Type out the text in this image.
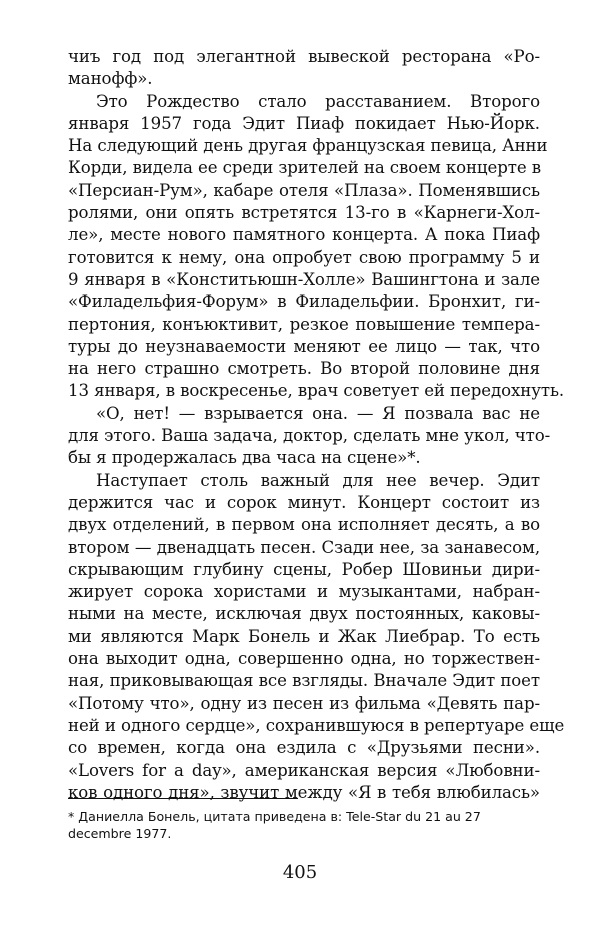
чиъ год под элегантной вывеской ресторана «Ро-
манофф».
Это Рождество стало расставанием. Второго
января 1957 года Эдит Пиаф покидает Нью-Йорк.
На следующий день другая французская певица, Анни
Корди, видела ее среди зрителей на своем концерте в
«Персиан-Рум», кабаре отеля «Плаза». Поменявшись
ролями, они опять встретятся 13-го в «Карнеги-Хол-
ле», месте нового памятного концерта. А пока Пиаф
готовится к нему, она опробует свою программу 5 и
9 января в «Конститьюшн-Холле» Вашингтона и зале
«Филадельфия-Форум» в Филадельфии. Бронхит, ги-
пертония, конъюктивит, резкое повышение темпера-
туры до неузнаваемости меняют ее лицо — так, что
на него страшно смотреть. Во второй половине дня
13 января, в воскресенье, врач советует ей передохнуть.
«О, нет! — взрывается она. — Я позвала вас не
для этого. Ваша задача, доктор, сделать мне укол, что-
бы я продержалась два часа на сцене»*.
Наступает столь важный для нее вечер. Эдит
держится час и сорок минут. Концерт состоит из
двух отделений, в первом она исполняет десять, а во
втором — двенадцать песен. Сзади нее, за занавесом,
скрывающим глубину сцены, Робер Шовиньи дири-
жирует сорока хористами и музыкантами, набран-
ными на месте, исключая двух постоянных, каковы-
ми являются Марк Бонель и Жак Лиебрар. То есть
она выходит одна, совершенно одна, но торжествен-
ная, приковывающая все взгляды. Вначале Эдит поет
«Потому что», одну из песен из фильма «Девять пар-
ней и одного сердце», сохранившуюся в репертуаре еще
со времен, когда она ездила с «Друзьями песни».
«Lovers for a day», американская версия «Любовни-
ков одного дня», звучит между «Я в тебя влюбилась»
* Даниелла Бонель, цитата приведена в: Tele-Star du 21 au 27 decembre 1977.
405
